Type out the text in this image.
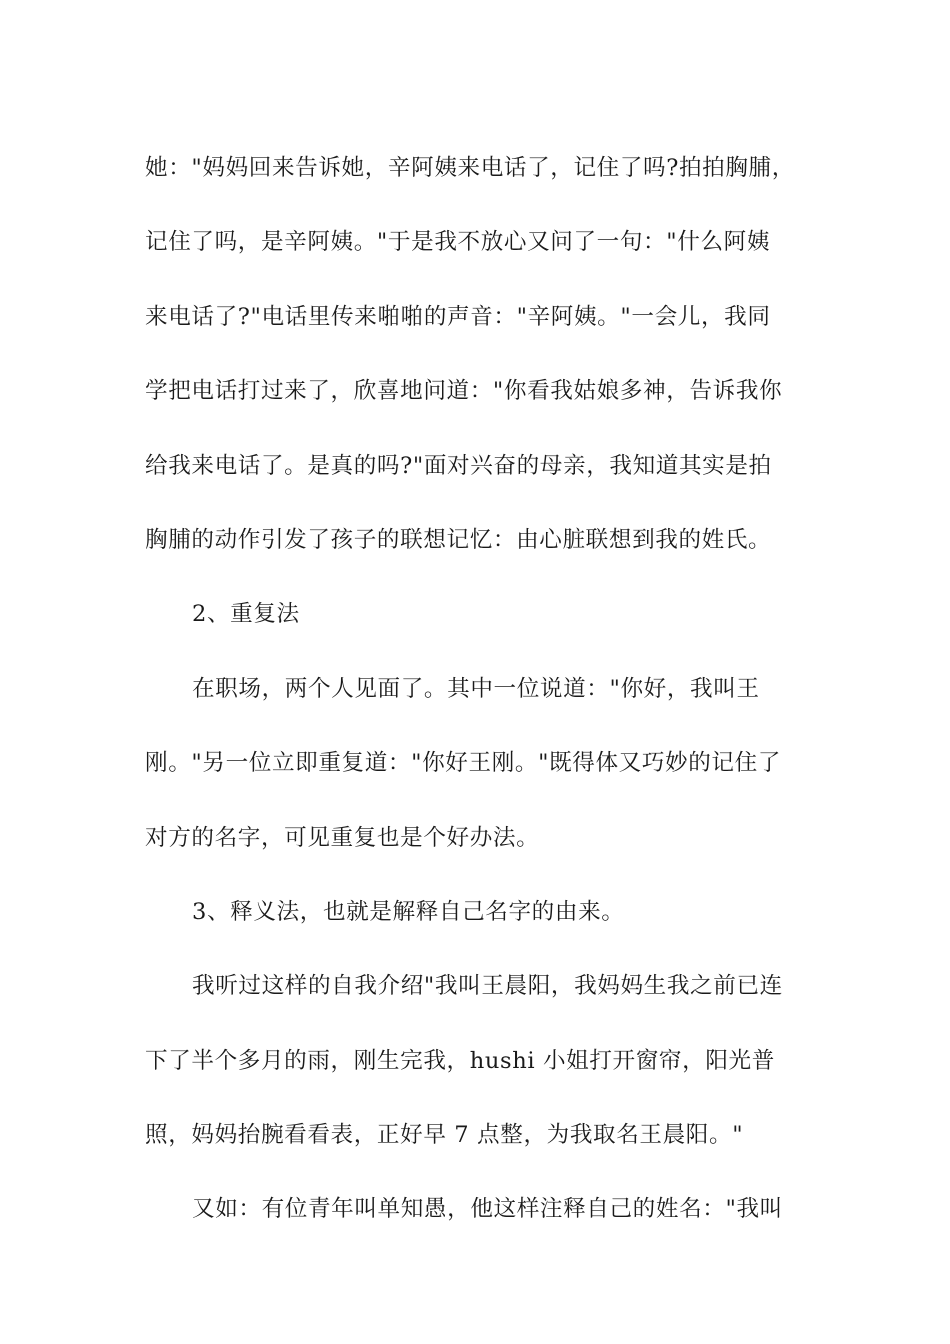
她："妈妈回来告诉她，辛阿姨来电话了，记住了吗?拍拍胸脯，
记住了吗，是辛阿姨。"于是我不放心又问了一句："什么阿姨
来电话了?"电话里传来啪啪的声音："辛阿姨。"一会儿，我同
学把电话打过来了，欣喜地问道："你看我姑娘多神，告诉我你
给我来电话了。是真的吗?"面对兴奋的母亲，我知道其实是拍
胸脯的动作引发了孩子的联想记忆：由心脏联想到我的姓氏。
2、重复法
在职场，两个人见面了。其中一位说道："你好，我叫王
刚。"另一位立即重复道："你好王刚。"既得体又巧妙的记住了
对方的名字，可见重复也是个好办法。
3、释义法，也就是解释自己名字的由来。
我听过这样的自我介绍"我叫王晨阳，我妈妈生我之前已连
下了半个多月的雨，刚生完我，hushi 小姐打开窗帘，阳光普
照，妈妈抬腕看看表，正好早 7 点整，为我取名王晨阳。"
又如：有位青年叫单知愚，他这样注释自己的姓名："我叫
